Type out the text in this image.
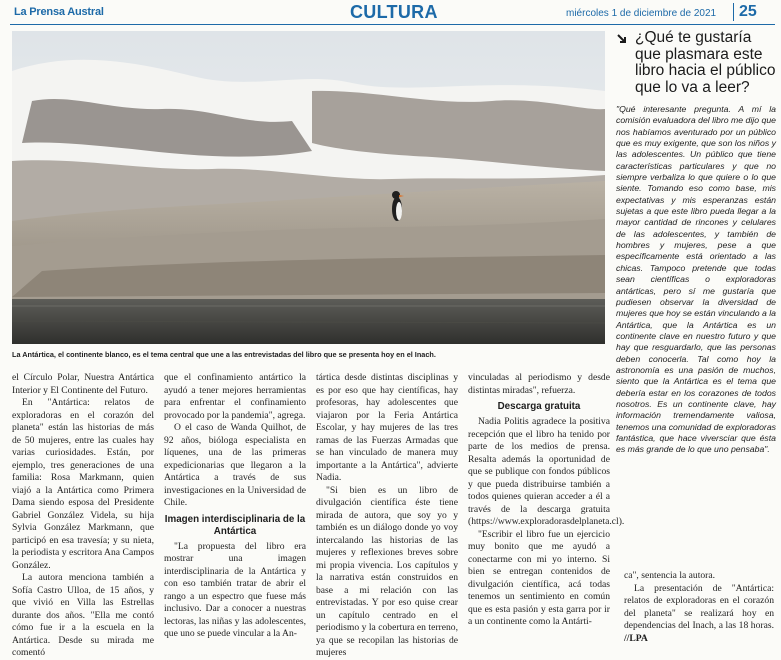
La Prensa Austral	CULTURA	miércoles 1 de diciembre de 2021	25
La Antártica, el continente blanco, es el tema central que une a las entrevistadas del libro que se presenta hoy en el Inach.

el Círculo Polar, Nuestra Antártica Interior y El Continente del Futuro.

En "Antártica: relatos de exploradoras en el corazón del planeta" están las historias de más de 50 mujeres, entre las cuales hay varias curiosidades. Están, por ejemplo, tres generaciones de una familia: Rosa Markmann, quien viajó a la Antártica como Primera Dama siendo esposa del Presidente Gabriel González Videla, su hija Sylvia González Markmann, que participó en esa travesía; y su nieta, la periodista y escritora Ana Campos González.

La autora menciona también a Sofía Castro Ulloa, de 15 años, y que vivió en Villa las Estrellas durante dos años. "Ella me contó cómo fue ir a la escuela en la Antártica. Desde su mirada me comentó

que el confinamiento antártico la ayudó a tener mejores herramientas para enfrentar el confinamiento provocado por la pandemia", agrega.

O el caso de Wanda Quilhot, de 92 años, bióloga especialista en líquenes, una de las primeras expedicionarias que llegaron a la Antártica a través de sus investigaciones en la Universidad de Chile.

Imagen interdisciplinaria de la Antártica

"La propuesta del libro era mostrar una imagen interdisciplinaria de la Antártica y con eso también tratar de abrir el rango a un espectro que fuese más inclusivo. Dar a conocer a nuestras lectoras, las niñas y las adolescentes, que uno se puede vincular a la An-

tártica desde distintas disciplinas y es por eso que hay científicas, hay profesoras, hay adolescentes que viajaron por la Feria Antártica Escolar, y hay mujeres de las tres ramas de las Fuerzas Armadas que se han vinculado de manera muy importante a la Antártica", advierte Nadia.

"Si bien es un libro de divulgación científica éste tiene mirada de autora, que soy yo y también es un diálogo donde yo voy intercalando las historias de las mujeres y reflexiones breves sobre mi propia vivencia. Los capítulos y la narrativa están construidos en base a mi relación con las entrevistadas. Y por eso quise crear un capítulo centrado en el periodismo y la cobertura en terreno, ya que se recopilan las historias de mujeres

vinculadas al periodismo y desde distintas miradas", refuerza.

Descarga gratuita

Nadia Politis agradece la positiva recepción que el libro ha tenido por parte de los medios de prensa. Resalta además la oportunidad de que se publique con fondos públicos y que pueda distribuirse también a todos quienes quieran acceder a él a través de la descarga gratuita (https://www.exploradorasdelplaneta.cl).

"Escribir el libro fue un ejercicio muy bonito que me ayudó a conectarme con mi yo interno. Si bien se entregan contenidos de divulgación científica, acá todas tenemos un sentimiento en común que es esta pasión y esta garra por ir a un continente como la Antárti-

ca", sentencia la autora.

La presentación de "Antártica: relatos de exploradoras en el corazón del planeta" se realizará hoy en dependencias del Inach, a las 18 horas. //LPA

¿Qué te gustaría que plasmara este libro hacia el público que lo va a leer?
"Qué interesante pregunta. A mí la comisión evaluadora del libro me dijo que nos habíamos aventurado por un público que es muy exigente, que son los niños y las adolescentes. Un público que tiene características particulares y que no siempre verbaliza lo que quiere o lo que siente. Tomando eso como base, mis expectativas y mis esperanzas están sujetas a que este libro pueda llegar a la mayor cantidad de rincones y celulares de las adolescentes, y también de hombres y mujeres, pese a que específicamente está orientado a las chicas. Tampoco pretende que todas sean científicas o exploradoras antárticas, pero sí me gustaría que pudiesen observar la diversidad de mujeres que hoy se están vinculando a la Antártica, que la Antártica es un continente clave en nuestro futuro y que hay que resguardarlo, que las personas deben conocerla. Tal como hoy la astronomía es una pasión de muchos, siento que la Antártica es el tema que debería estar en los corazones de todos nosotros. Es un continente clave, hay información tremendamente valiosa, tenemos una comunidad de exploradoras fantástica, que hace viversciar que ésta es más grande de lo que uno pensaba".
